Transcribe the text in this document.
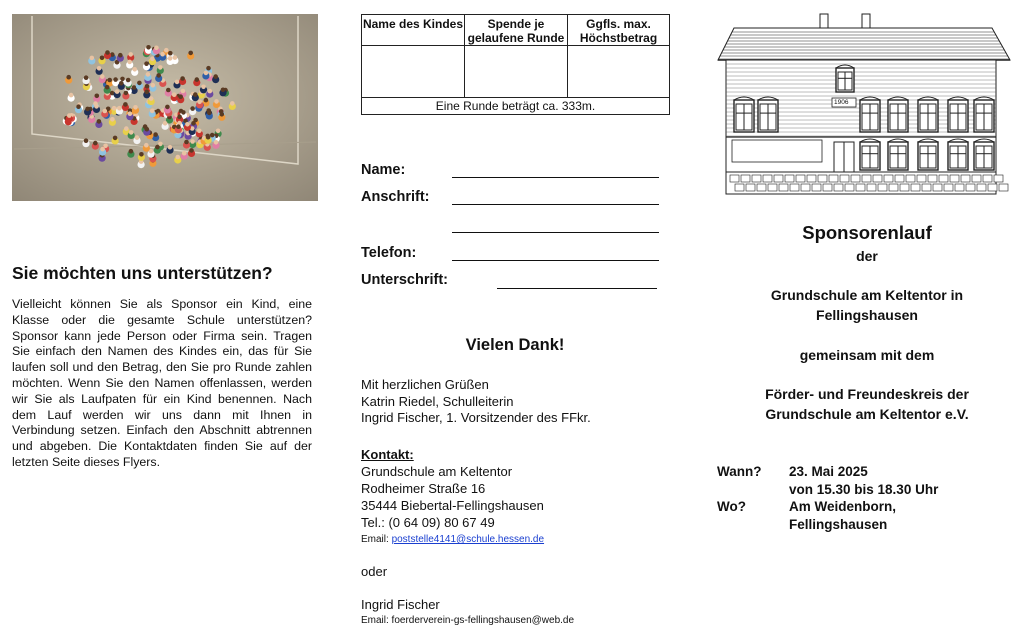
Sie möchten uns unterstützen?
Vielleicht können Sie als Sponsor ein Kind, eine Klasse oder die gesamte Schule unterstützen? Sponsor kann jede Person oder Firma sein. Tragen Sie einfach den Namen des Kindes ein, das für Sie laufen soll und den Betrag, den Sie pro Runde zahlen möchten. Wenn Sie den Namen offenlassen, werden wir Sie als Laufpaten für ein Kind benennen. Nach dem Lauf werden wir uns dann mit Ihnen in Verbindung setzen. Einfach den Abschnitt abtrennen und abgeben. Die Kontaktdaten finden Sie auf der letzten Seite dieses Flyers.
Name des Kindes	Spende je gelaufene Runde	Ggfls. max. Höchstbetrag

Eine Runde beträgt ca. 333m.		
Name:
Anschrift:
Telefon:
Unterschrift:
Vielen Dank!
Mit herzlichen Grüßen
Katrin Riedel, Schulleiterin
Ingrid Fischer, 1. Vorsitzender des FFkr.
Kontakt:
Grundschule am Keltentor
Rodheimer Straße 16
35444 Biebertal-Fellingshausen
Tel.: (0 64 09) 80 67 49
Email: poststelle4141@schule.hessen.de
oder
Ingrid Fischer
Email: foerderverein-gs-fellingshausen@web.de
1906
Sponsorenlauf
der
Grundschule am Keltentor in
Fellingshausen
gemeinsam mit dem
Förder- und Freundeskreis der
Grundschule am Keltentor e.V.
Wann?	23. Mai 2025
	von 15.30 bis 18.30 Uhr
Wo?	Am Weidenborn,
	Fellingshausen
